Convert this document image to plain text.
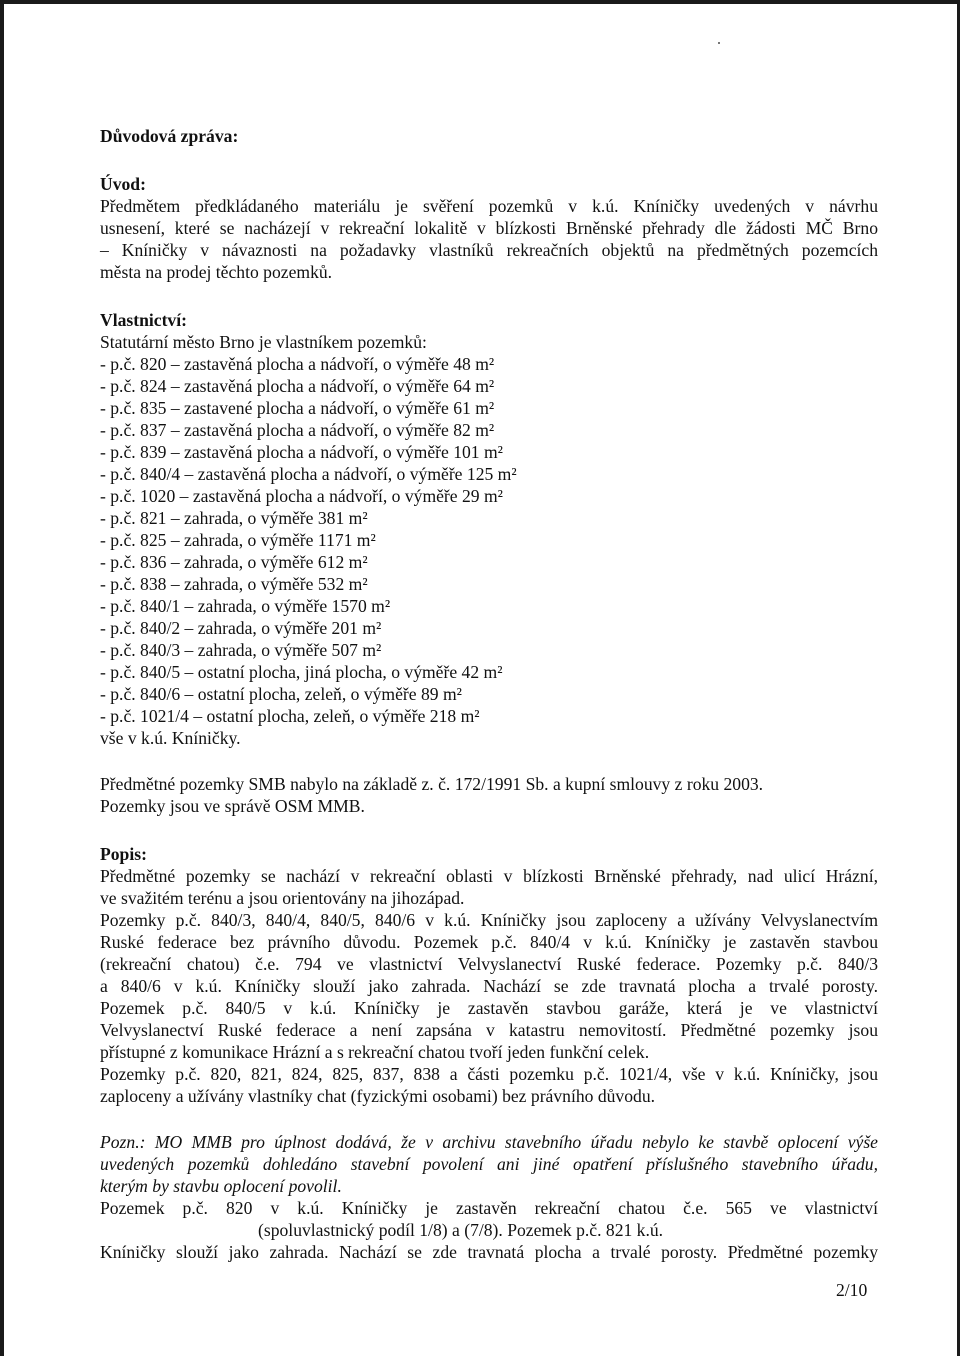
Důvodová zpráva:
Úvod:
Předmětem předkládaného materiálu je svěření pozemků v k.ú. Kníničky uvedených v návrhu
usnesení, které se nacházejí v rekreační lokalitě v blízkosti Brněnské přehrady dle žádosti MČ Brno
– Kníničky v návaznosti na požadavky vlastníků rekreačních objektů na předmětných pozemcích
města na prodej těchto pozemků.
Vlastnictví:
Statutární město Brno je vlastníkem pozemků:
- p.č. 820 – zastavěná plocha a nádvoří, o výměře 48 m²
- p.č. 824 – zastavěná plocha a nádvoří, o výměře 64 m²
- p.č. 835 – zastavené plocha a nádvoří, o výměře 61 m²
- p.č. 837 – zastavěná plocha a nádvoří, o výměře 82 m²
- p.č. 839 – zastavěná plocha a nádvoří, o výměře 101 m²
- p.č. 840/4 – zastavěná plocha a nádvoří, o výměře 125 m²
- p.č. 1020 – zastavěná plocha a nádvoří, o výměře 29 m²
- p.č. 821 – zahrada, o výměře 381 m²
- p.č. 825 – zahrada, o výměře 1171 m²
- p.č. 836 – zahrada, o výměře 612 m²
- p.č. 838 – zahrada, o výměře 532 m²
- p.č. 840/1 – zahrada, o výměře 1570 m²
- p.č. 840/2 – zahrada, o výměře 201 m²
- p.č. 840/3 – zahrada, o výměře 507 m²
- p.č. 840/5 – ostatní plocha, jiná plocha, o výměře 42 m²
- p.č. 840/6 – ostatní plocha, zeleň, o výměře 89 m²
- p.č. 1021/4 – ostatní plocha, zeleň, o výměře 218 m²
vše v k.ú. Kníničky.
Předmětné pozemky SMB nabylo na základě z. č. 172/1991 Sb. a kupní smlouvy z roku 2003.
Pozemky jsou ve správě OSM MMB.
Popis:
Předmětné pozemky se nachází v rekreační oblasti v blízkosti Brněnské přehrady, nad ulicí Hrázní,
ve svažitém terénu a jsou orientovány na jihozápad.
Pozemky p.č. 840/3, 840/4, 840/5, 840/6 v k.ú. Kníničky jsou zaploceny a užívány Velvyslanectvím
Ruské federace bez právního důvodu. Pozemek p.č. 840/4 v k.ú. Kníničky je zastavěn stavbou
(rekreační chatou) č.e. 794 ve vlastnictví Velvyslanectví Ruské federace. Pozemky p.č. 840/3
a 840/6 v k.ú. Kníničky slouží jako zahrada. Nachází se zde travnatá plocha a trvalé porosty.
Pozemek p.č. 840/5 v k.ú. Kníničky je zastavěn stavbou garáže, která je ve vlastnictví
Velvyslanectví Ruské federace a není zapsána v katastru nemovitostí. Předmětné pozemky jsou
přístupné z komunikace Hrázní a s rekreační chatou tvoří jeden funkční celek.
Pozemky p.č. 820, 821, 824, 825, 837, 838 a části pozemku p.č. 1021/4, vše v k.ú. Kníničky, jsou
zaploceny a užívány vlastníky chat (fyzickými osobami) bez právního důvodu.
Pozn.: MO MMB pro úplnost dodává, že v archivu stavebního úřadu nebylo ke stavbě oplocení výše
uvedených pozemků dohledáno stavební povolení ani jiné opatření příslušného stavebního úřadu,
kterým by stavbu oplocení povolil.
Pozemek p.č. 820 v k.ú. Kníničky je zastavěn rekreační chatou č.e. 565 ve vlastnictví
(spoluvlastnický podíl 1/8) a (7/8). Pozemek p.č. 821 k.ú.
Kníničky slouží jako zahrada. Nachází se zde travnatá plocha a trvalé porosty. Předmětné pozemky
2/10
